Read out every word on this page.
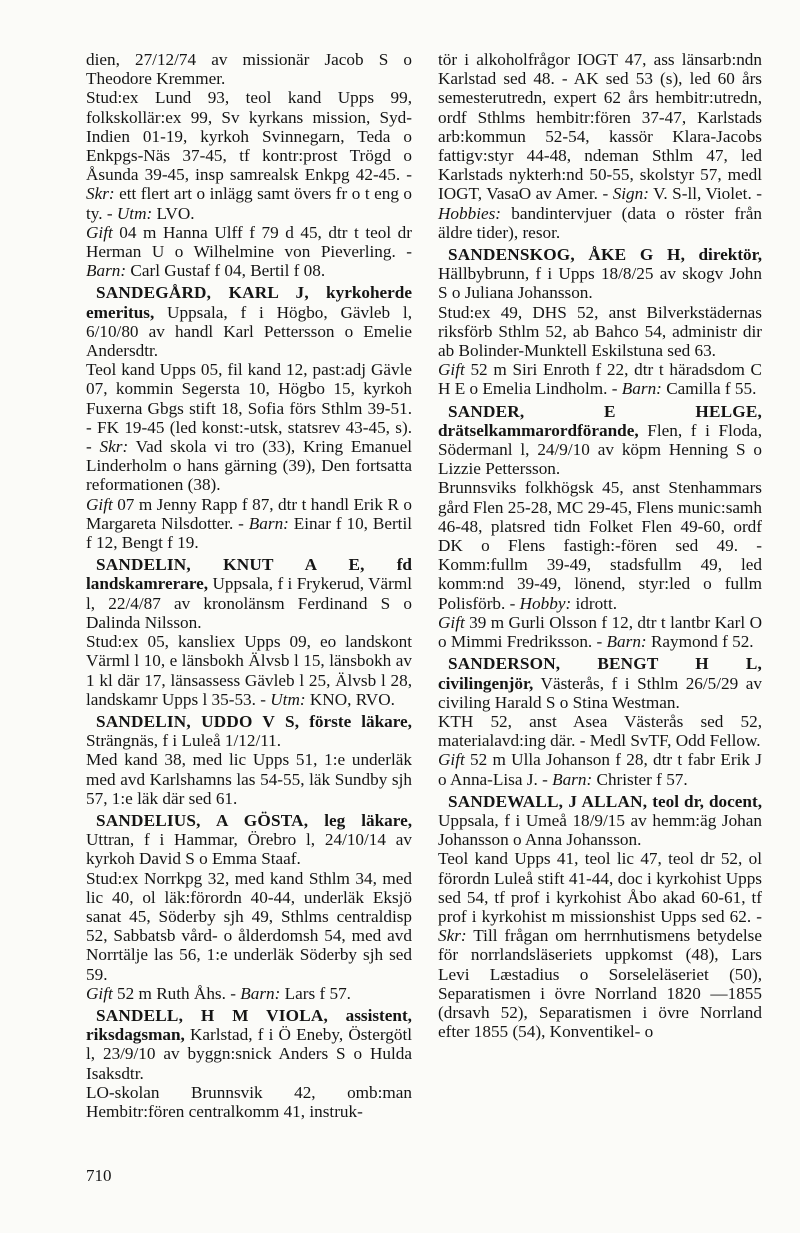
dien, 27/12/74 av missionär Jacob S o Theodore Kremmer.
Stud:ex Lund 93, teol kand Upps 99, folkskollär:ex 99, Sv kyrkans mission, Syd-Indien 01-19, kyrkoh Svinnegarn, Teda o Enkpgs-Näs 37-45, tf kontr:prost Trögd o Åsunda 39-45, insp samrealsk Enkpg 42-45. - Skr: ett flert art o inlägg samt övers fr o t eng o ty. - Utm: LVO.
Gift 04 m Hanna Ulff f 79 d 45, dtr t teol dr Herman U o Wilhelmine von Pieverling. - Barn: Carl Gustaf f 04, Bertil f 08.

SANDEGÅRD, KARL J, kyrkoherde emeritus, Uppsala, f i Högbo, Gävleb l, 6/10/80 av handl Karl Pettersson o Emelie Andersdtr.
Teol kand Upps 05, fil kand 12, past:adj Gävle 07, kommin Segersta 10, Högbo 15, kyrkoh Fuxerna Gbgs stift 18, Sofia förs Sthlm 39-51. - FK 19-45 (led konst:-utsk, statsrev 43-45, s). - Skr: Vad skola vi tro (33), Kring Emanuel Linderholm o hans gärning (39), Den fortsatta reformationen (38).
Gift 07 m Jenny Rapp f 87, dtr t handl Erik R o Margareta Nilsdotter. - Barn: Einar f 10, Bertil f 12, Bengt f 19.

SANDELIN, KNUT A E, fd landskamrerare, Uppsala, f i Frykerud, Värml l, 22/4/87 av kronolänsm Ferdinand S o Dalinda Nilsson.
Stud:ex 05, kansliex Upps 09, eo landskont Värml l 10, e länsbokh Älvsb l 15, länsbokh av 1 kl där 17, länsassess Gävleb l 25, Älvsb l 28, landskamr Upps l 35-53. - Utm: KNO, RVO.

SANDELIN, UDDO V S, förste läkare, Strängnäs, f i Luleå 1/12/11.
Med kand 38, med lic Upps 51, 1:e underläk med avd Karlshamns las 54-55, läk Sundby sjh 57, 1:e läk där sed 61.

SANDELIUS, A GÖSTA, leg läkare, Uttran, f i Hammar, Örebro l, 24/10/14 av kyrkoh David S o Emma Staaf.
Stud:ex Norrkpg 32, med kand Sthlm 34, med lic 40, ol läk:förordn 40-44, underläk Eksjö sanat 45, Söderby sjh 49, Sthlms centraldisp 52, Sabbatsb vård- o ålderdomsh 54, med avd Norrtälje las 56, 1:e underläk Söderby sjh sed 59.
Gift 52 m Ruth Åhs. - Barn: Lars f 57.

SANDELL, H M VIOLA, assistent, riksdagsman, Karlstad, f i Ö Eneby, Östergötl l, 23/9/10 av byggn:snick Anders S o Hulda Isaksdtr.
LO-skolan Brunnsvik 42, omb:man Hembitr:fören centralkomm 41, instruk-

tör i alkoholfrågor IOGT 47, ass länsarb:ndn Karlstad sed 48. - AK sed 53 (s), led 60 års semesterutredn, expert 62 års hembitr:utredn, ordf Sthlms hembitr:fören 37-47, Karlstads arb:kommun 52-54, kassör Klara-Jacobs fattigv:styr 44-48, ndeman Sthlm 47, led Karlstads nykterh:nd 50-55, skolstyr 57, medl IOGT, VasaO av Amer. - Sign: V. S-ll, Violet. - Hobbies: bandintervjuer (data o röster från äldre tider), resor.

SANDENSKOG, ÅKE G H, direktör, Hällbybrunn, f i Upps 18/8/25 av skogv John S o Juliana Johansson.
Stud:ex 49, DHS 52, anst Bilverkstädernas riksförb Sthlm 52, ab Bahco 54, administr dir ab Bolinder-Munktell Eskilstuna sed 63.
Gift 52 m Siri Enroth f 22, dtr t häradsdom C H E o Emelia Lindholm. - Barn: Camilla f 55.

SANDER, E HELGE, drätselkammarordförande, Flen, f i Floda, Södermanl l, 24/9/10 av köpm Henning S o Lizzie Pettersson.
Brunnsviks folkhögsk 45, anst Stenhammars gård Flen 25-28, MC 29-45, Flens munic:samh 46-48, platsred tidn Folket Flen 49-60, ordf DK o Flens fastigh:-fören sed 49. - Komm:fullm 39-49, stadsfullm 49, led komm:nd 39-49, lönend, styr:led o fullm Polisförb. - Hobby: idrott.
Gift 39 m Gurli Olsson f 12, dtr t lantbr Karl O o Mimmi Fredriksson. - Barn: Raymond f 52.

SANDERSON, BENGT H L, civilingenjör, Västerås, f i Sthlm 26/5/29 av civiling Harald S o Stina Westman.
KTH 52, anst Asea Västerås sed 52, materialavd:ing där. - Medl SvTF, Odd Fellow.
Gift 52 m Ulla Johanson f 28, dtr t fabr Erik J o Anna-Lisa J. - Barn: Christer f 57.

SANDEWALL, J ALLAN, teol dr, docent, Uppsala, f i Umeå 18/9/15 av hemm:äg Johan Johansson o Anna Johansson.
Teol kand Upps 41, teol lic 47, teol dr 52, ol förordn Luleå stift 41-44, doc i kyrkohist Upps sed 54, tf prof i kyrkohist Åbo akad 60-61, tf prof i kyrkohist m missionshist Upps sed 62. - Skr: Till frågan om herrnhutismens betydelse för norrlandsläseriets uppkomst (48), Lars Levi Læstadius o Sorseleläseriet (50), Separatismen i övre Norrland 1820 —1855 (drsavh 52), Separatismen i övre Norrland efter 1855 (54), Konventikel- o

710
